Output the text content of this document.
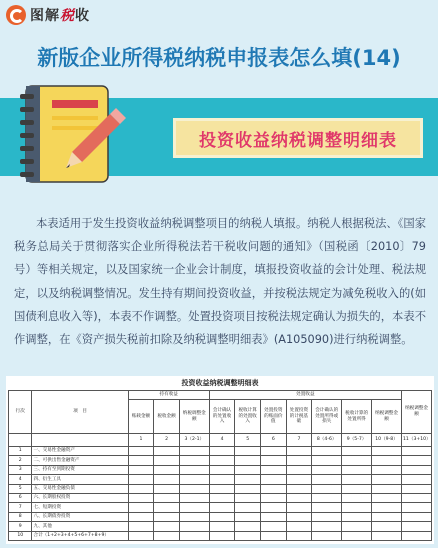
图解税收
新版企业所得税纳税申报表怎么填(14)
投资收益纳税调整明细表

本表适用于发生投资收益纳税调整项目的纳税人填报。纳税人根据税法、《国家税务总局关于贯彻落实企业所得税法若干税收问题的通知》（国税函〔2010〕79号）等相关规定，以及国家统一企业会计制度，填报投资收益的会计处理、税法规定，以及纳税调整情况。发生持有期间投资收益，并按税法规定为减免税收入的(如国债利息收入等)，本表不作调整。处置投资项目按税法规定确认为损失的，本表不作调整，在《资产损失税前扣除及纳税调整明细表》(A105090)进行纳税调整。

投资收益纳税调整明细表
行次	项　目	持有收益			处置收益							纳税调整金额
		账载金额	税收金额	纳税调整金额	会计确认的处置收入	税收计算的处置收入	处置投资的账面价值	处置投资的计税基础	会计确认的处置所得或损失	税收计算的处置所得	纳税调整金额	
		1	2	3（2-1）	4	5	6	7	8（4-6）	9（5-7）	10（9-8）	11（3+10）
1	一、交易性金融资产											
2	二、可供出售金融资产											
3	三、持有至到期投资											
4	四、衍生工具											
5	五、交易性金融负债											
6	六、长期股权投资											
7	七、短期投资											
8	八、长期债券投资											
9	九、其他											
10	合计（1+2+3+4+5+6+7+8+9）											
